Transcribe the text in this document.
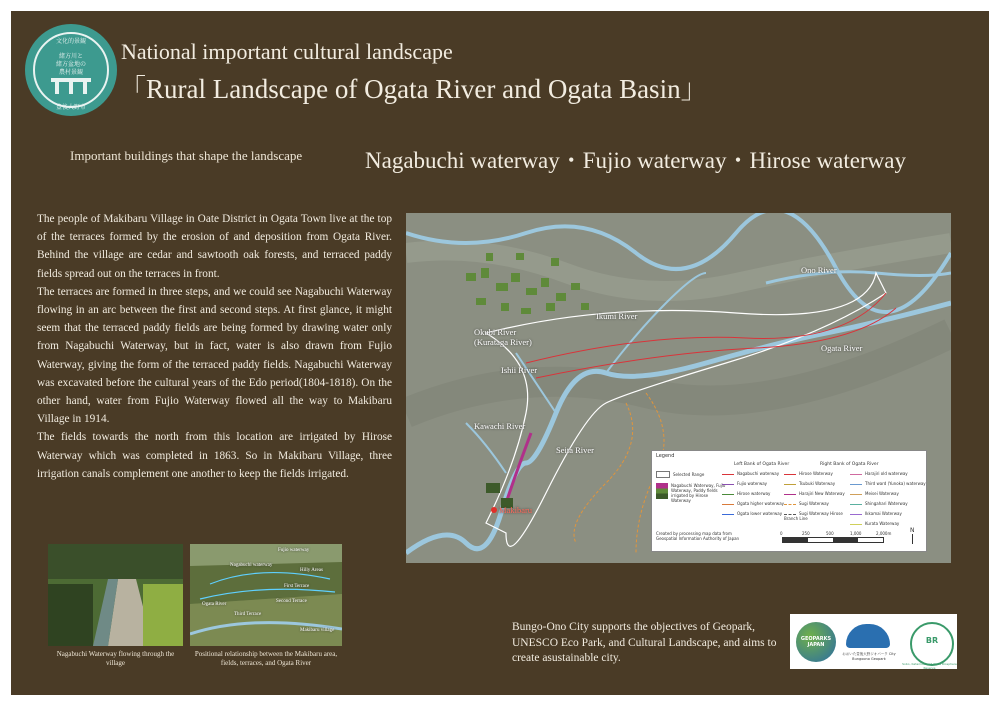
文化的景観
緒方川と
緒方盆地の
農村景観
豊後大野市
National important cultural landscape
「Rural Landscape of Ogata River and Ogata Basin」
Important buildings that shape the landscape	Nagabuchi waterway・Fujio waterway・Hirose waterway

The people of Makibaru Village in Oate District in Ogata Town live at the top of the terraces formed by the erosion of and deposition from Ogata River. Behind the village are cedar and sawtooth oak forests, and terraced paddy fields spread out on the terraces in front.

The terraces are formed in three steps, and we could see Nagabuchi Waterway flowing in an arc between the first and second steps. At first glance, it might seem that the terraced paddy fields are being formed by drawing water only from Nagabuchi Waterway, but in fact, water is also drawn from Fujio Waterway, giving the form of the terraced paddy fields. Nagabuchi Waterway was excavated before the cultural years of the Edo period(1804-1818). On the other hand, water from Fujio Waterway flowed all the way to Makibaru Village in 1914.

The fields towards the north from this location are irrigated by Hirose Waterway which was completed in 1863. So in Makibaru Village, three irrigation canals complement one another to keep the fields irrigated.

Nagabuchi Waterway flowing through the village
Fujio waterway
Nagabuchi waterway
Hilly Areas
First Terrace
Ogata River
Second Terrace
Third Terrace
Makibaru village
Positional relationship between the Makibaru area, fields, terraces, and Ogata River
Ono River
Ikumi River
Okubi River
(Kurataga River)
Ishii River
Ogata River
Kawachi River
Seita River
Makibaru
Legend
Left Bank of Ogata River	Right Bank of Ogata River
Selected Range
Nagabuchi Waterway, Fujio Waterway, Paddy fields irrigated by Hirose Waterway
Nagabuchi waterway
Fujio waterway
Hirose waterway
Ogata higher waterway
Ogata lower waterway
Hirose Waterway
Tsubuki Waterway
Harajiri New Waterway
Sugi Waterway
Sugi Waterway Hirose Branch Line
Harajiri old waterway
Third ward (Yunoka) waterway
Meisei Waterway
Shingahari Waterway
Ikkamai Waterway
Kurata Waterway
Created by processing map data from Geospatial Information Authority of Japan
0	250	500	1,000	2,000m	N
Bungo-Ono City supports the objectives of Geopark, UNESCO Eco Park, and Cultural Landscape, and aims to create asustainable city.
GEOPARKS JAPAN
おおいた豊後大野ジオパーク City Bungoono Geopark
BR
Sobo, Katamuki and Okue Biosphere Reserve
